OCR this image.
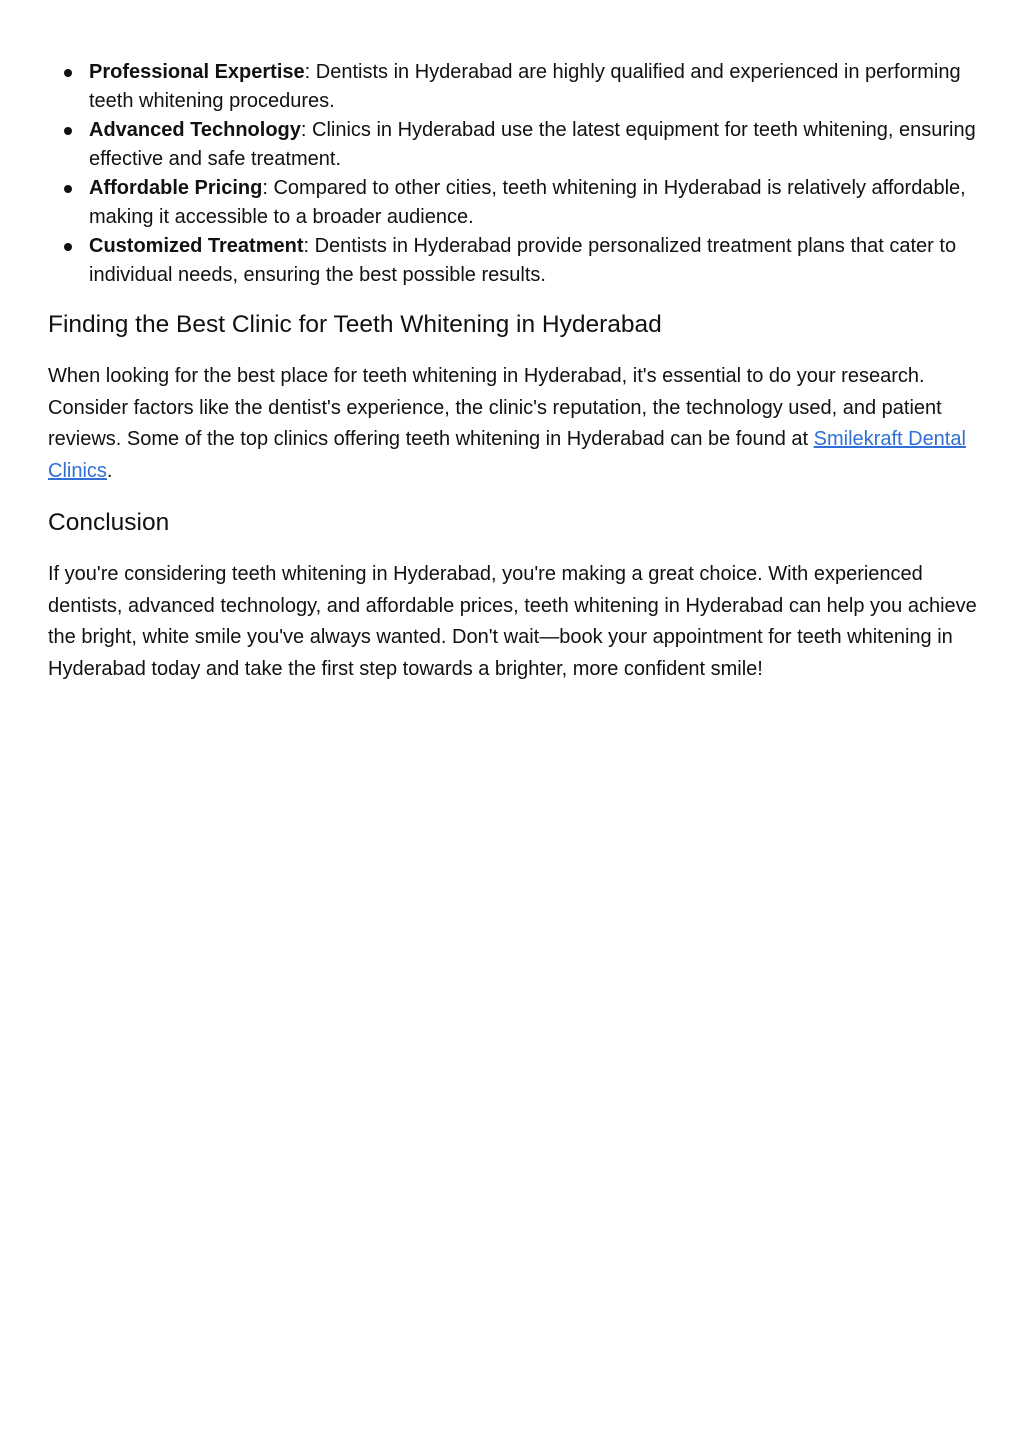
Professional Expertise: Dentists in Hyderabad are highly qualified and experienced in performing teeth whitening procedures.
Advanced Technology: Clinics in Hyderabad use the latest equipment for teeth whitening, ensuring effective and safe treatment.
Affordable Pricing: Compared to other cities, teeth whitening in Hyderabad is relatively affordable, making it accessible to a broader audience.
Customized Treatment: Dentists in Hyderabad provide personalized treatment plans that cater to individual needs, ensuring the best possible results.
Finding the Best Clinic for Teeth Whitening in Hyderabad

When looking for the best place for teeth whitening in Hyderabad, it's essential to do your research. Consider factors like the dentist's experience, the clinic's reputation, the technology used, and patient reviews. Some of the top clinics offering teeth whitening in Hyderabad can be found at Smilekraft Dental Clinics.

Conclusion

If you're considering teeth whitening in Hyderabad, you're making a great choice. With experienced dentists, advanced technology, and affordable prices, teeth whitening in Hyderabad can help you achieve the bright, white smile you've always wanted. Don't wait—book your appointment for teeth whitening in Hyderabad today and take the first step towards a brighter, more confident smile!
